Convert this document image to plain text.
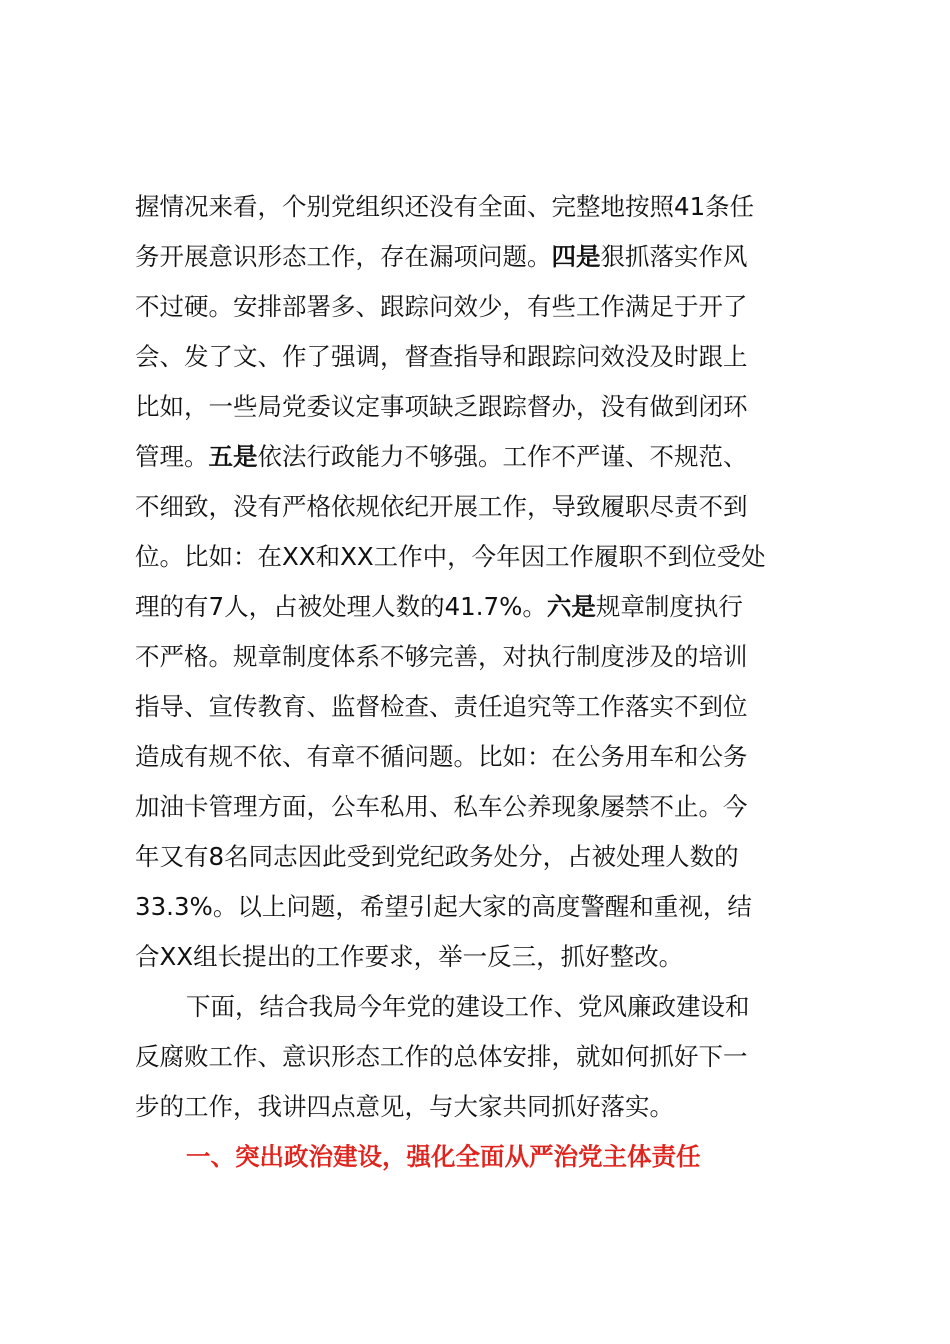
握情况来看，个别党组织还没有全面、完整地按照41条任
务开展意识形态工作，存在漏项问题。四是狠抓落实作风
不过硬。安排部署多、跟踪问效少，有些工作满足于开了
会、发了文、作了强调，督查指导和跟踪问效没及时跟上
比如，一些局党委议定事项缺乏跟踪督办，没有做到闭环
管理。五是依法行政能力不够强。工作不严谨、不规范、
不细致，没有严格依规依纪开展工作，导致履职尽责不到
位。比如：在XX和XX工作中，今年因工作履职不到位受处
理的有7人，占被处理人数的41.7%。六是规章制度执行
不严格。规章制度体系不够完善，对执行制度涉及的培训
指导、宣传教育、监督检查、责任追究等工作落实不到位
造成有规不依、有章不循问题。比如：在公务用车和公务
加油卡管理方面，公车私用、私车公养现象屡禁不止。今
年又有8名同志因此受到党纪政务处分，占被处理人数的
33.3%。以上问题，希望引起大家的高度警醒和重视，结
合XX组长提出的工作要求，举一反三，抓好整改。
下面，结合我局今年党的建设工作、党风廉政建设和
反腐败工作、意识形态工作的总体安排，就如何抓好下一
步的工作，我讲四点意见，与大家共同抓好落实。
一、突出政治建设，强化全面从严治党主体责任
